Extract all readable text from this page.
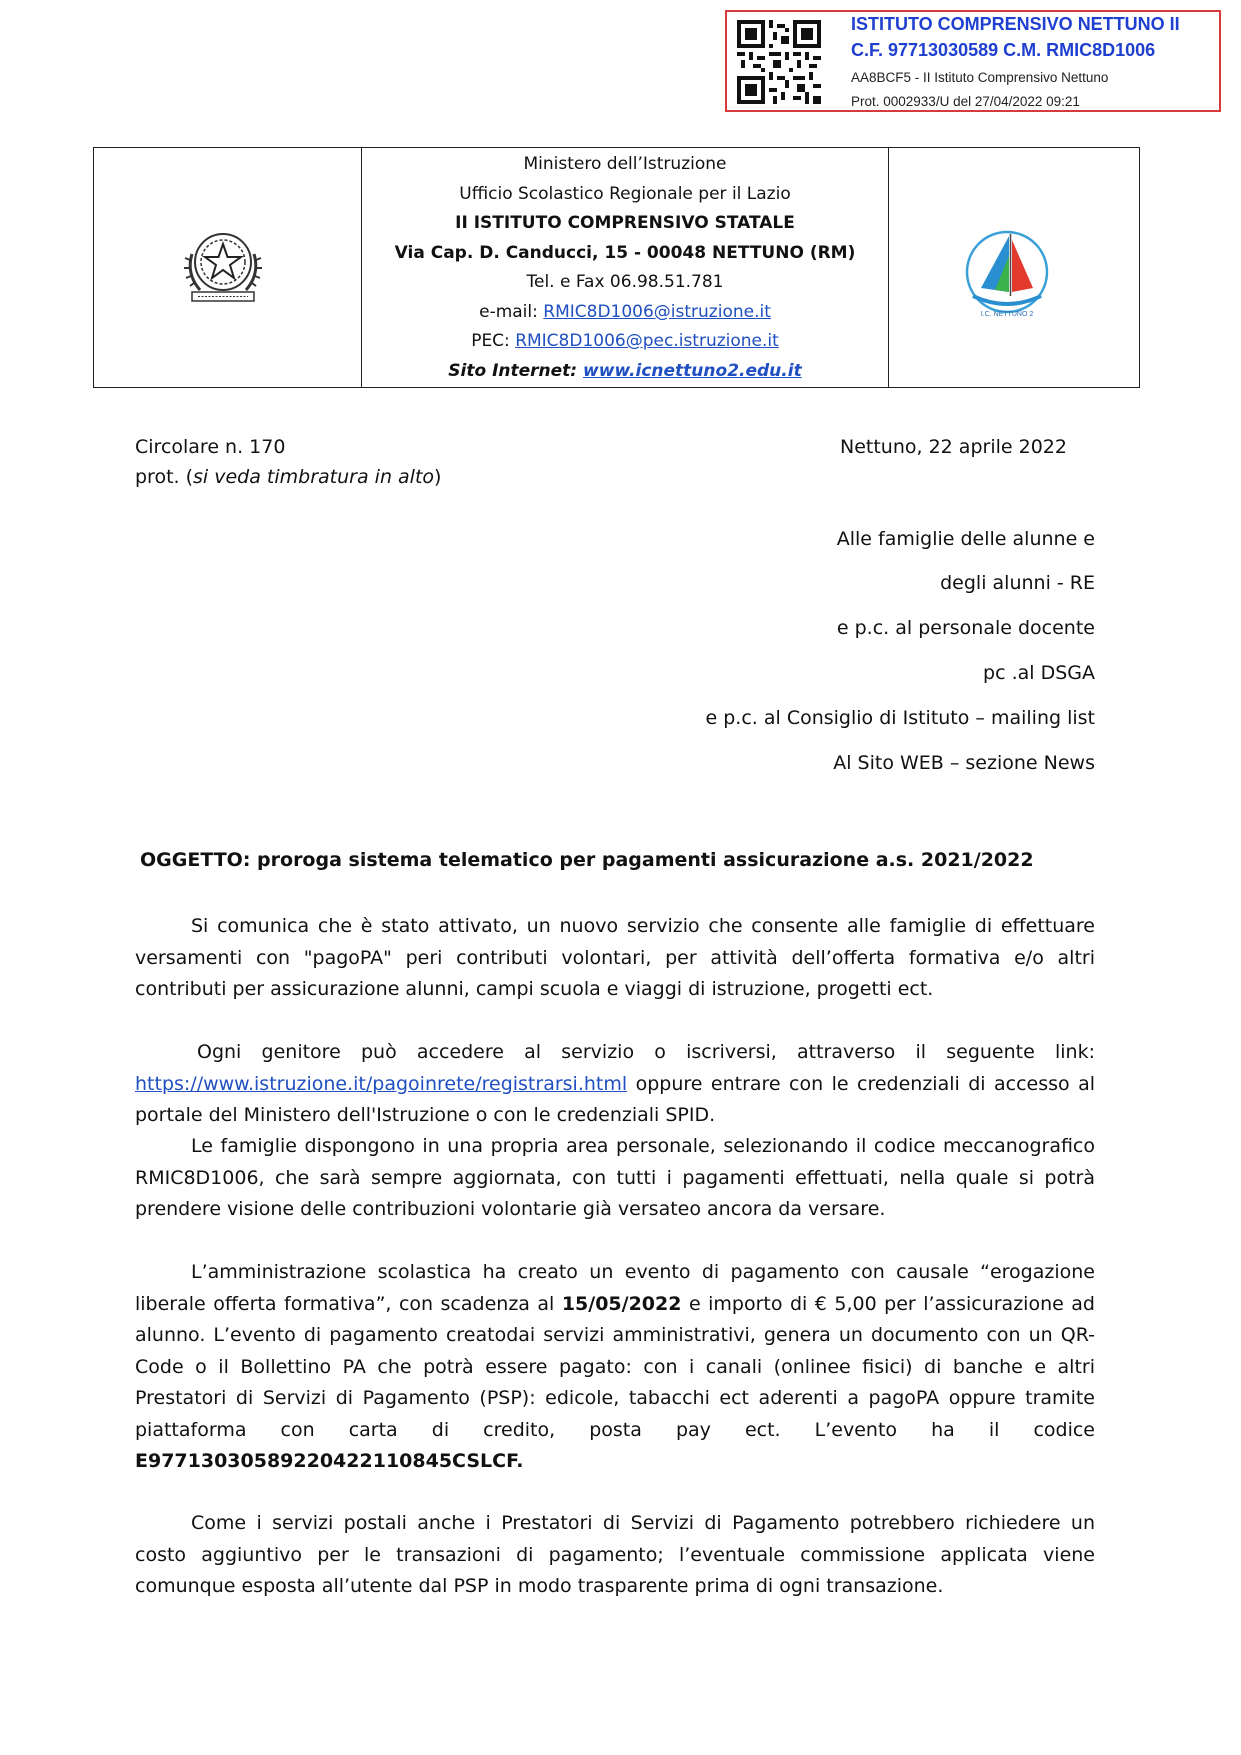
ISTITUTO COMPRENSIVO NETTUNO II
C.F. 97713030589 C.M. RMIC8D1006
AA8BCF5 - II Istituto Comprensivo Nettuno
Prot. 0002933/U del 27/04/2022 09:21
Ministero dell’Istruzione
Ufficio Scolastico Regionale per il Lazio
II ISTITUTO COMPRENSIVO STATALE
Via Cap. D. Canducci, 15 - 00048 NETTUNO (RM)
Tel. e Fax 06.98.51.781
e-mail: RMIC8D1006@istruzione.it
PEC: RMIC8D1006@pec.istruzione.it
Sito Internet: www.icnettuno2.edu.it
I.C. NETTUNO 2
Circolare n. 170
prot. (si veda timbratura in alto)
Nettuno, 22 aprile 2022
Alle famiglie delle alunne e
degli alunni - RE
e p.c. al personale docente
pc .al DSGA
e p.c. al Consiglio di Istituto – mailing list
Al Sito WEB – sezione News
OGGETTO: proroga sistema telematico per pagamenti assicurazione a.s. 2021/2022
Si comunica che è stato attivato, un nuovo servizio che consente alle famiglie di effettuare versamenti con "pagoPA" peri contributi volontari, per attività dell’offerta formativa e/o altri contributi per assicurazione alunni, campi scuola e viaggi di istruzione, progetti ect.
Ogni genitore può accedere al servizio o iscriversi, attraverso il seguente link: https://www.istruzione.it/pagoinrete/registrarsi.html oppure entrare con le credenziali di accesso al portale del Ministero dell'Istruzione o con le credenziali SPID.
Le famiglie dispongono in una propria area personale, selezionando il codice meccanografico RMIC8D1006, che sarà sempre aggiornata, con tutti i pagamenti effettuati, nella quale si potrà prendere visione delle contribuzioni volontarie già versateo ancora da versare.
L’amministrazione scolastica ha creato un evento di pagamento con causale “erogazione liberale offerta formativa”, con scadenza al 15/05/2022 e importo di € 5,00 per l’assicurazione ad alunno. L’evento di pagamento creatodai servizi amministrativi, genera un documento con un QR-Code o il Bollettino PA che potrà essere pagato: con i canali (onlinee fisici) di banche e altri Prestatori di Servizi di Pagamento (PSP): edicole, tabacchi ect aderenti a pagoPA oppure tramite piattaforma con carta di credito, posta pay ect. L’evento ha il codice E97713030589220422110845CSLCF.
Come i servizi postali anche i Prestatori di Servizi di Pagamento potrebbero richiedere un costo aggiuntivo per le transazioni di pagamento; l’eventuale commissione applicata viene comunque esposta all’utente dal PSP in modo trasparente prima di ogni transazione.
